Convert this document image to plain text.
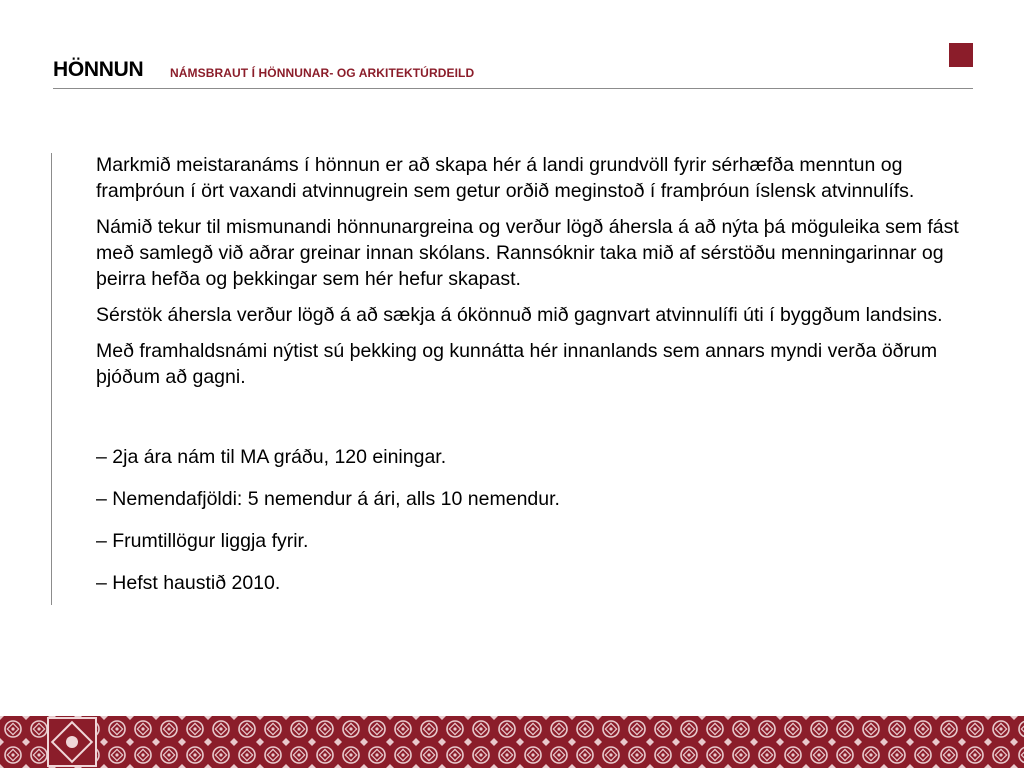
HÖNNUN NÁMSBRAUT Í HÖNNUNAR- OG ARKITEKTÚRDEILD

Markmið meistaranáms í hönnun er að skapa hér á landi grundvöll fyrir sérhæfða menntun og framþróun í ört vaxandi atvinnugrein sem getur orðið meginstoð í framþróun íslensk atvinnulífs.

Námið tekur til mismunandi hönnunargreina og verður lögð áhersla á að nýta þá möguleika sem fást með samlegð við aðrar greinar innan skólans. Rannsóknir taka mið af sérstöðu menningarinnar og þeirra hefða og þekkingar sem hér hefur skapast.

Sérstök áhersla verður lögð á að sækja á ókönnuð mið gagnvart atvinnulífi úti í byggðum landsins.

Með framhaldsnámi nýtist sú þekking og kunnátta hér innanlands sem annars myndi verða öðrum þjóðum að gagni.

– 2ja ára nám til MA gráðu, 120 einingar.

– Nemendafjöldi: 5 nemendur á ári, alls 10 nemendur.

– Frumtillögur liggja fyrir.

– Hefst haustið 2010.
